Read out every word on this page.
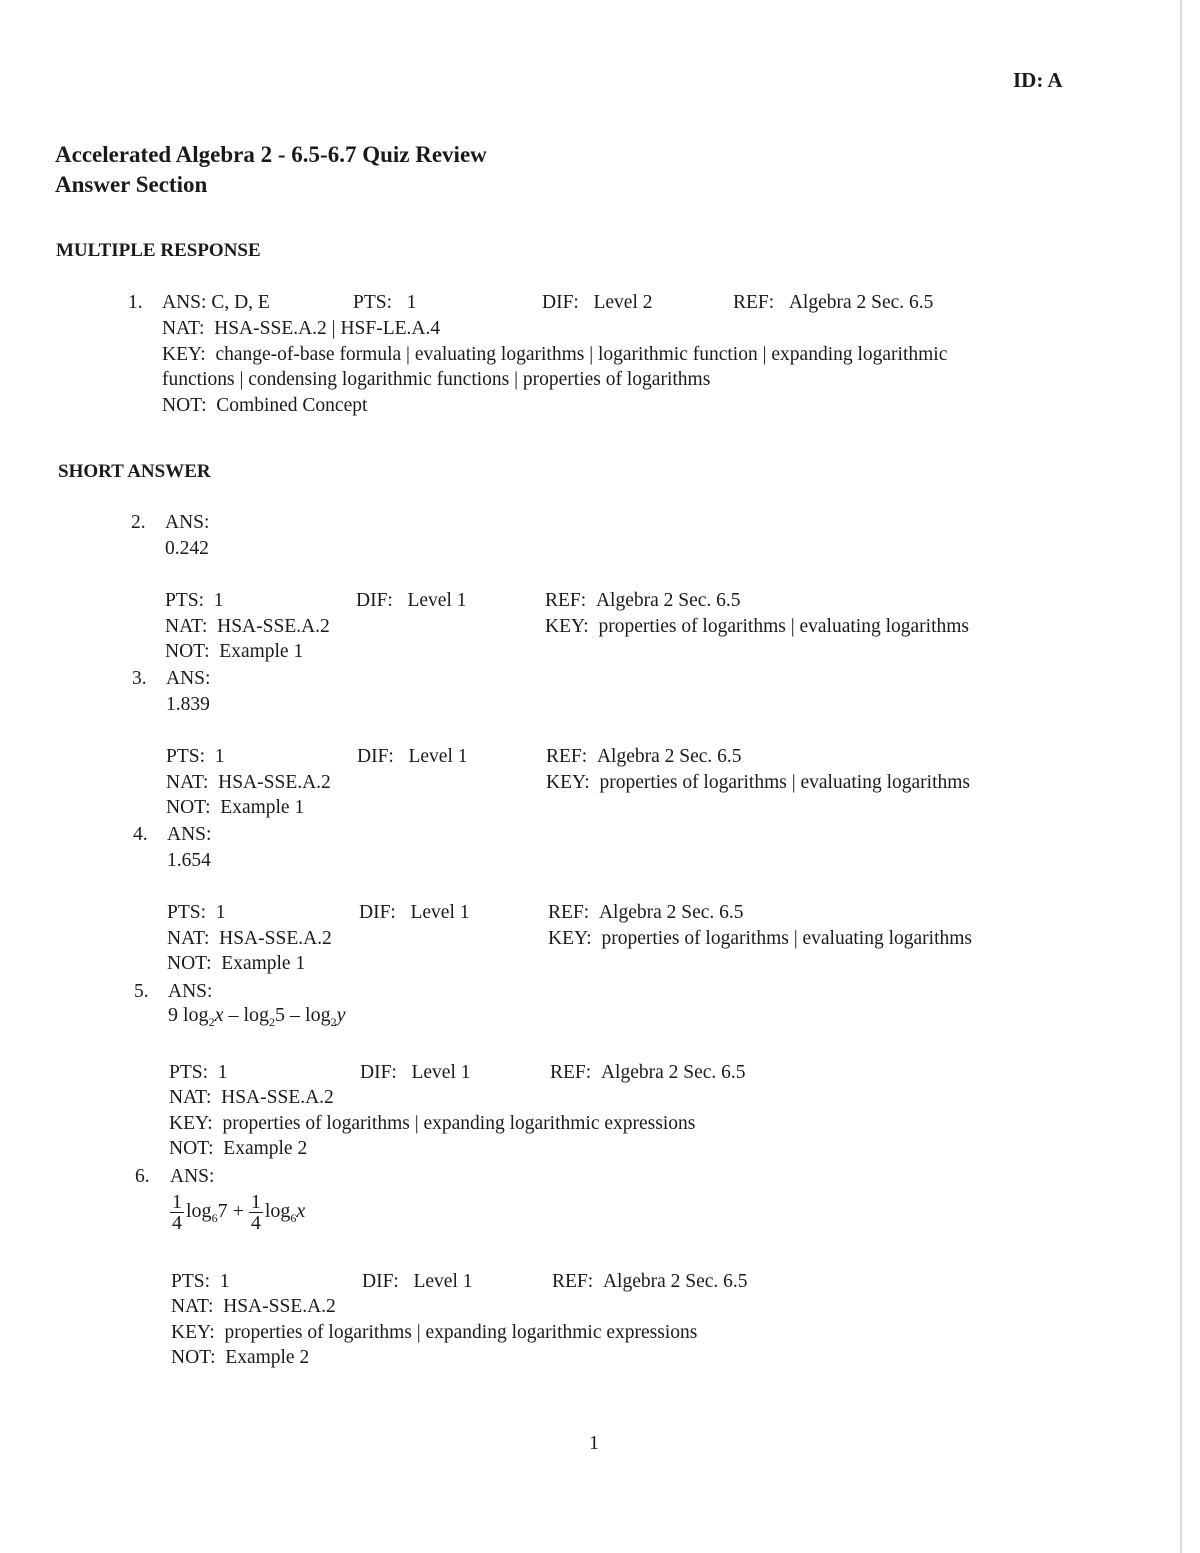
ID: A
Accelerated Algebra 2 - 6.5-6.7 Quiz Review
Answer Section
MULTIPLE RESPONSE
1. ANS: C, D, E	PTS: 1	DIF: Level 2	REF: Algebra 2 Sec. 6.5
NAT: HSA-SSE.A.2 | HSF-LE.A.4
KEY: change-of-base formula | evaluating logarithms | logarithmic function | expanding logarithmic
functions | condensing logarithmic functions | properties of logarithms
NOT: Combined Concept
SHORT ANSWER
2. ANS:
0.242
PTS: 1	DIF: Level 1	REF: Algebra 2 Sec. 6.5
NAT: HSA-SSE.A.2	KEY: properties of logarithms | evaluating logarithms
NOT: Example 1
3. ANS:
1.839
PTS: 1	DIF: Level 1	REF: Algebra 2 Sec. 6.5
NAT: HSA-SSE.A.2	KEY: properties of logarithms | evaluating logarithms
NOT: Example 1
4. ANS:
1.654
PTS: 1	DIF: Level 1	REF: Algebra 2 Sec. 6.5
NAT: HSA-SSE.A.2	KEY: properties of logarithms | evaluating logarithms
NOT: Example 1
5. ANS:
9 $\log_2x - \log_25 - \log_2y$
PTS: 1	DIF: Level 1	REF: Algebra 2 Sec. 6.5
NAT: HSA-SSE.A.2
KEY: properties of logarithms | expanding logarithmic expressions
NOT: Example 2
6. ANS:
$\frac{1}{4} \log_67 + \frac{1}{4} \log_6x$
PTS: 1	DIF: Level 1	REF: Algebra 2 Sec. 6.5
NAT: HSA-SSE.A.2
KEY: properties of logarithms | expanding logarithmic expressions
NOT: Example 2
1
